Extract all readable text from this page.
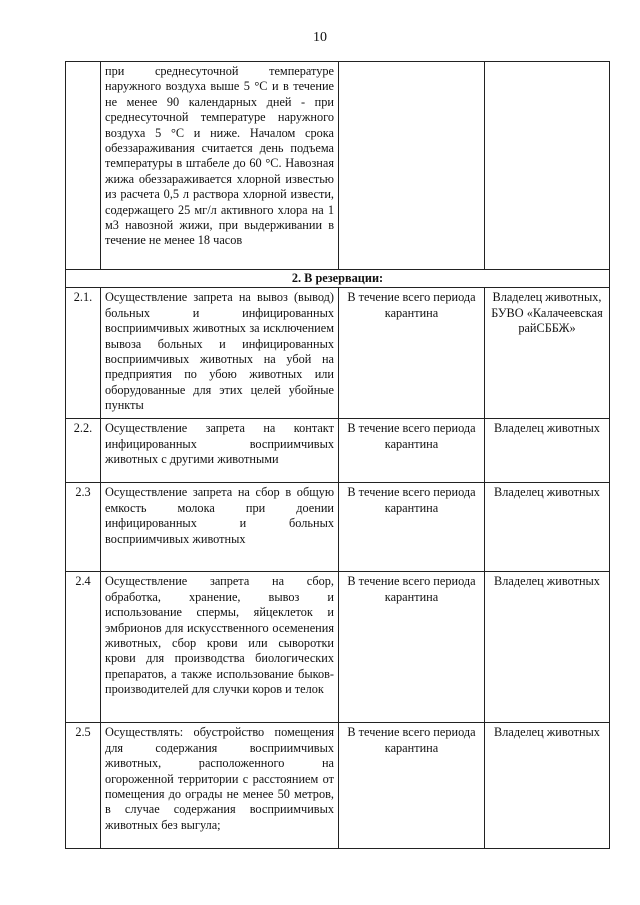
10
	при среднесуточной температуре наружного воздуха выше 5 °С и в течение не менее 90 календарных дней - при среднесуточной температуре наружного воздуха 5 °С и ниже. Началом срока обеззараживания считается день подъема температуры в штабеле до 60 °С. Навозная жижа обеззараживается хлорной известью из расчета 0,5 л раствора хлорной извести, содержащего 25 мг/л активного хлора на 1 м3 навозной жижи, при выдерживании в течение не менее 18 часов		
2. В резервации:			
2.1.	Осуществление запрета на вывоз (вывод) больных и инфицированных восприимчивых животных за исключением вывоза больных и инфицированных восприимчивых животных на убой на предприятия по убою животных или оборудованные для этих целей убойные пункты	В течение всего периода карантина	Владелец животных, БУВО «Калачеевская райСББЖ»
2.2.	Осуществление запрета на контакт инфицированных восприимчивых животных с другими животными	В течение всего периода карантина	Владелец животных
2.3	Осуществление запрета на сбор в общую емкость молока при доении инфицированных и больных восприимчивых животных	В течение всего периода карантина	Владелец животных
2.4	Осуществление запрета на сбор, обработка, хранение, вывоз и использование спермы, яйцеклеток и эмбрионов для искусственного осеменения животных, сбор крови или сыворотки крови для производства биологических препаратов, а также использование быков-производителей для случки коров и телок	В течение всего периода карантина	Владелец животных
2.5	Осуществлять: обустройство помещения для содержания восприимчивых животных, расположенного на огороженной территории с расстоянием от помещения до ограды не менее 50 метров, в случае содержания восприимчивых животных без выгула;	В течение всего периода карантина	Владелец животных
